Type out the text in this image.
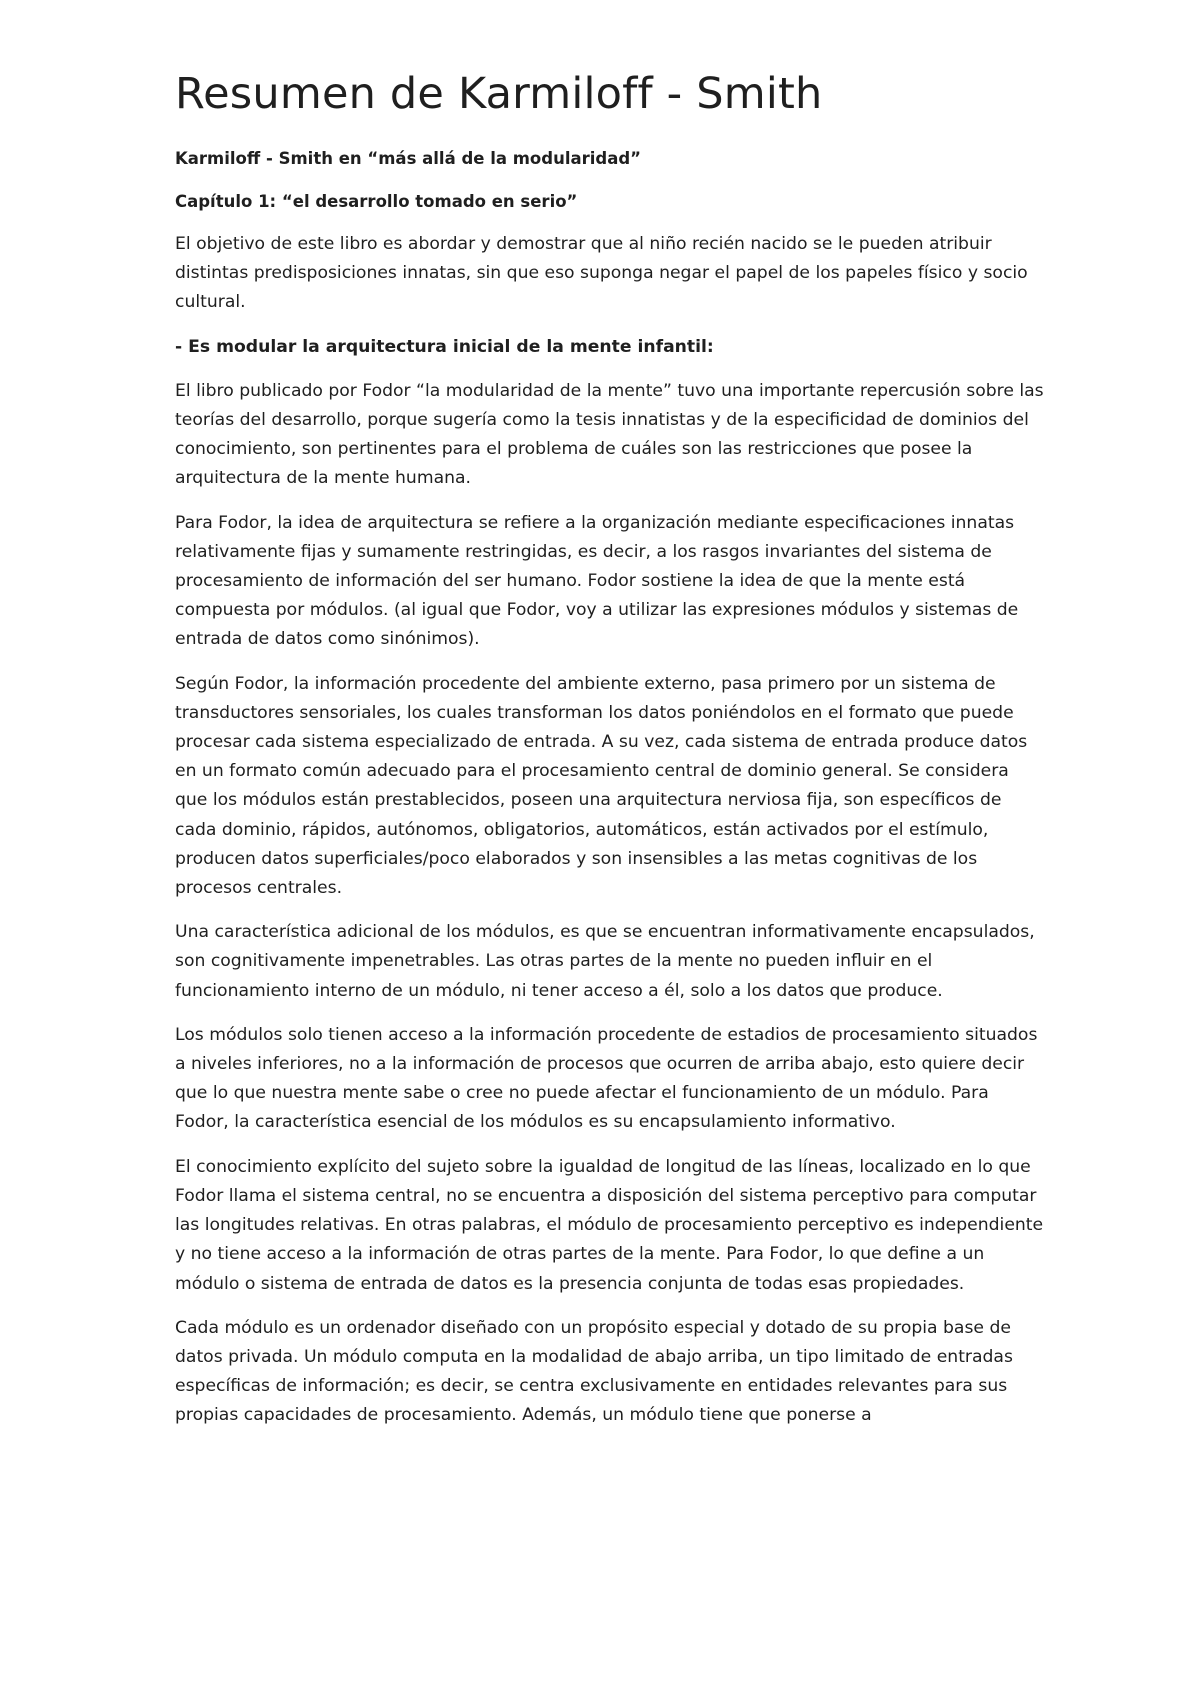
Resumen de Karmiloff - Smith
Karmiloff - Smith en “más allá de la modularidad”
Capítulo 1: “el desarrollo tomado en serio”

El objetivo de este libro es abordar y demostrar que al niño recién nacido se le pueden atribuir distintas predisposiciones innatas, sin que eso suponga negar el papel de los papeles físico y socio cultural.

- Es modular la arquitectura inicial de la mente infantil:

El libro publicado por Fodor “la modularidad de la mente” tuvo una importante repercusión sobre las teorías del desarrollo, porque sugería como la tesis innatistas y de la especificidad de dominios del conocimiento, son pertinentes para el problema de cuáles son las restricciones que posee la arquitectura de la mente humana.

Para Fodor, la idea de arquitectura se refiere a la organización mediante especificaciones innatas relativamente fijas y sumamente restringidas, es decir, a los rasgos invariantes del sistema de procesamiento de información del ser humano. Fodor sostiene la idea de que la mente está compuesta por módulos. (al igual que Fodor, voy a utilizar las expresiones módulos y sistemas de entrada de datos como sinónimos).

Según Fodor, la información procedente del ambiente externo, pasa primero por un sistema de transductores sensoriales, los cuales transforman los datos poniéndolos en el formato que puede procesar cada sistema especializado de entrada. A su vez, cada sistema de entrada produce datos en un formato común adecuado para el procesamiento central de dominio general. Se considera que los módulos están prestablecidos, poseen una arquitectura nerviosa fija, son específicos de cada dominio, rápidos, autónomos, obligatorios, automáticos, están activados por el estímulo, producen datos superficiales/poco elaborados y son insensibles a las metas cognitivas de los procesos centrales.

Una característica adicional de los módulos, es que se encuentran informativamente encapsulados, son cognitivamente impenetrables. Las otras partes de la mente no pueden influir en el funcionamiento interno de un módulo, ni tener acceso a él, solo a los datos que produce.

Los módulos solo tienen acceso a la información procedente de estadios de procesamiento situados a niveles inferiores, no a la información de procesos que ocurren de arriba abajo, esto quiere decir que lo que nuestra mente sabe o cree no puede afectar el funcionamiento de un módulo. Para Fodor, la característica esencial de los módulos es su encapsulamiento informativo.

El conocimiento explícito del sujeto sobre la igualdad de longitud de las líneas, localizado en lo que Fodor llama el sistema central, no se encuentra a disposición del sistema perceptivo para computar las longitudes relativas. En otras palabras, el módulo de procesamiento perceptivo es independiente y no tiene acceso a la información de otras partes de la mente. Para Fodor, lo que define a un módulo o sistema de entrada de datos es la presencia conjunta de todas esas propiedades.

Cada módulo es un ordenador diseñado con un propósito especial y dotado de su propia base de datos privada. Un módulo computa en la modalidad de abajo arriba, un tipo limitado de entradas específicas de información; es decir, se centra exclusivamente en entidades relevantes para sus propias capacidades de procesamiento. Además, un módulo tiene que ponerse a
